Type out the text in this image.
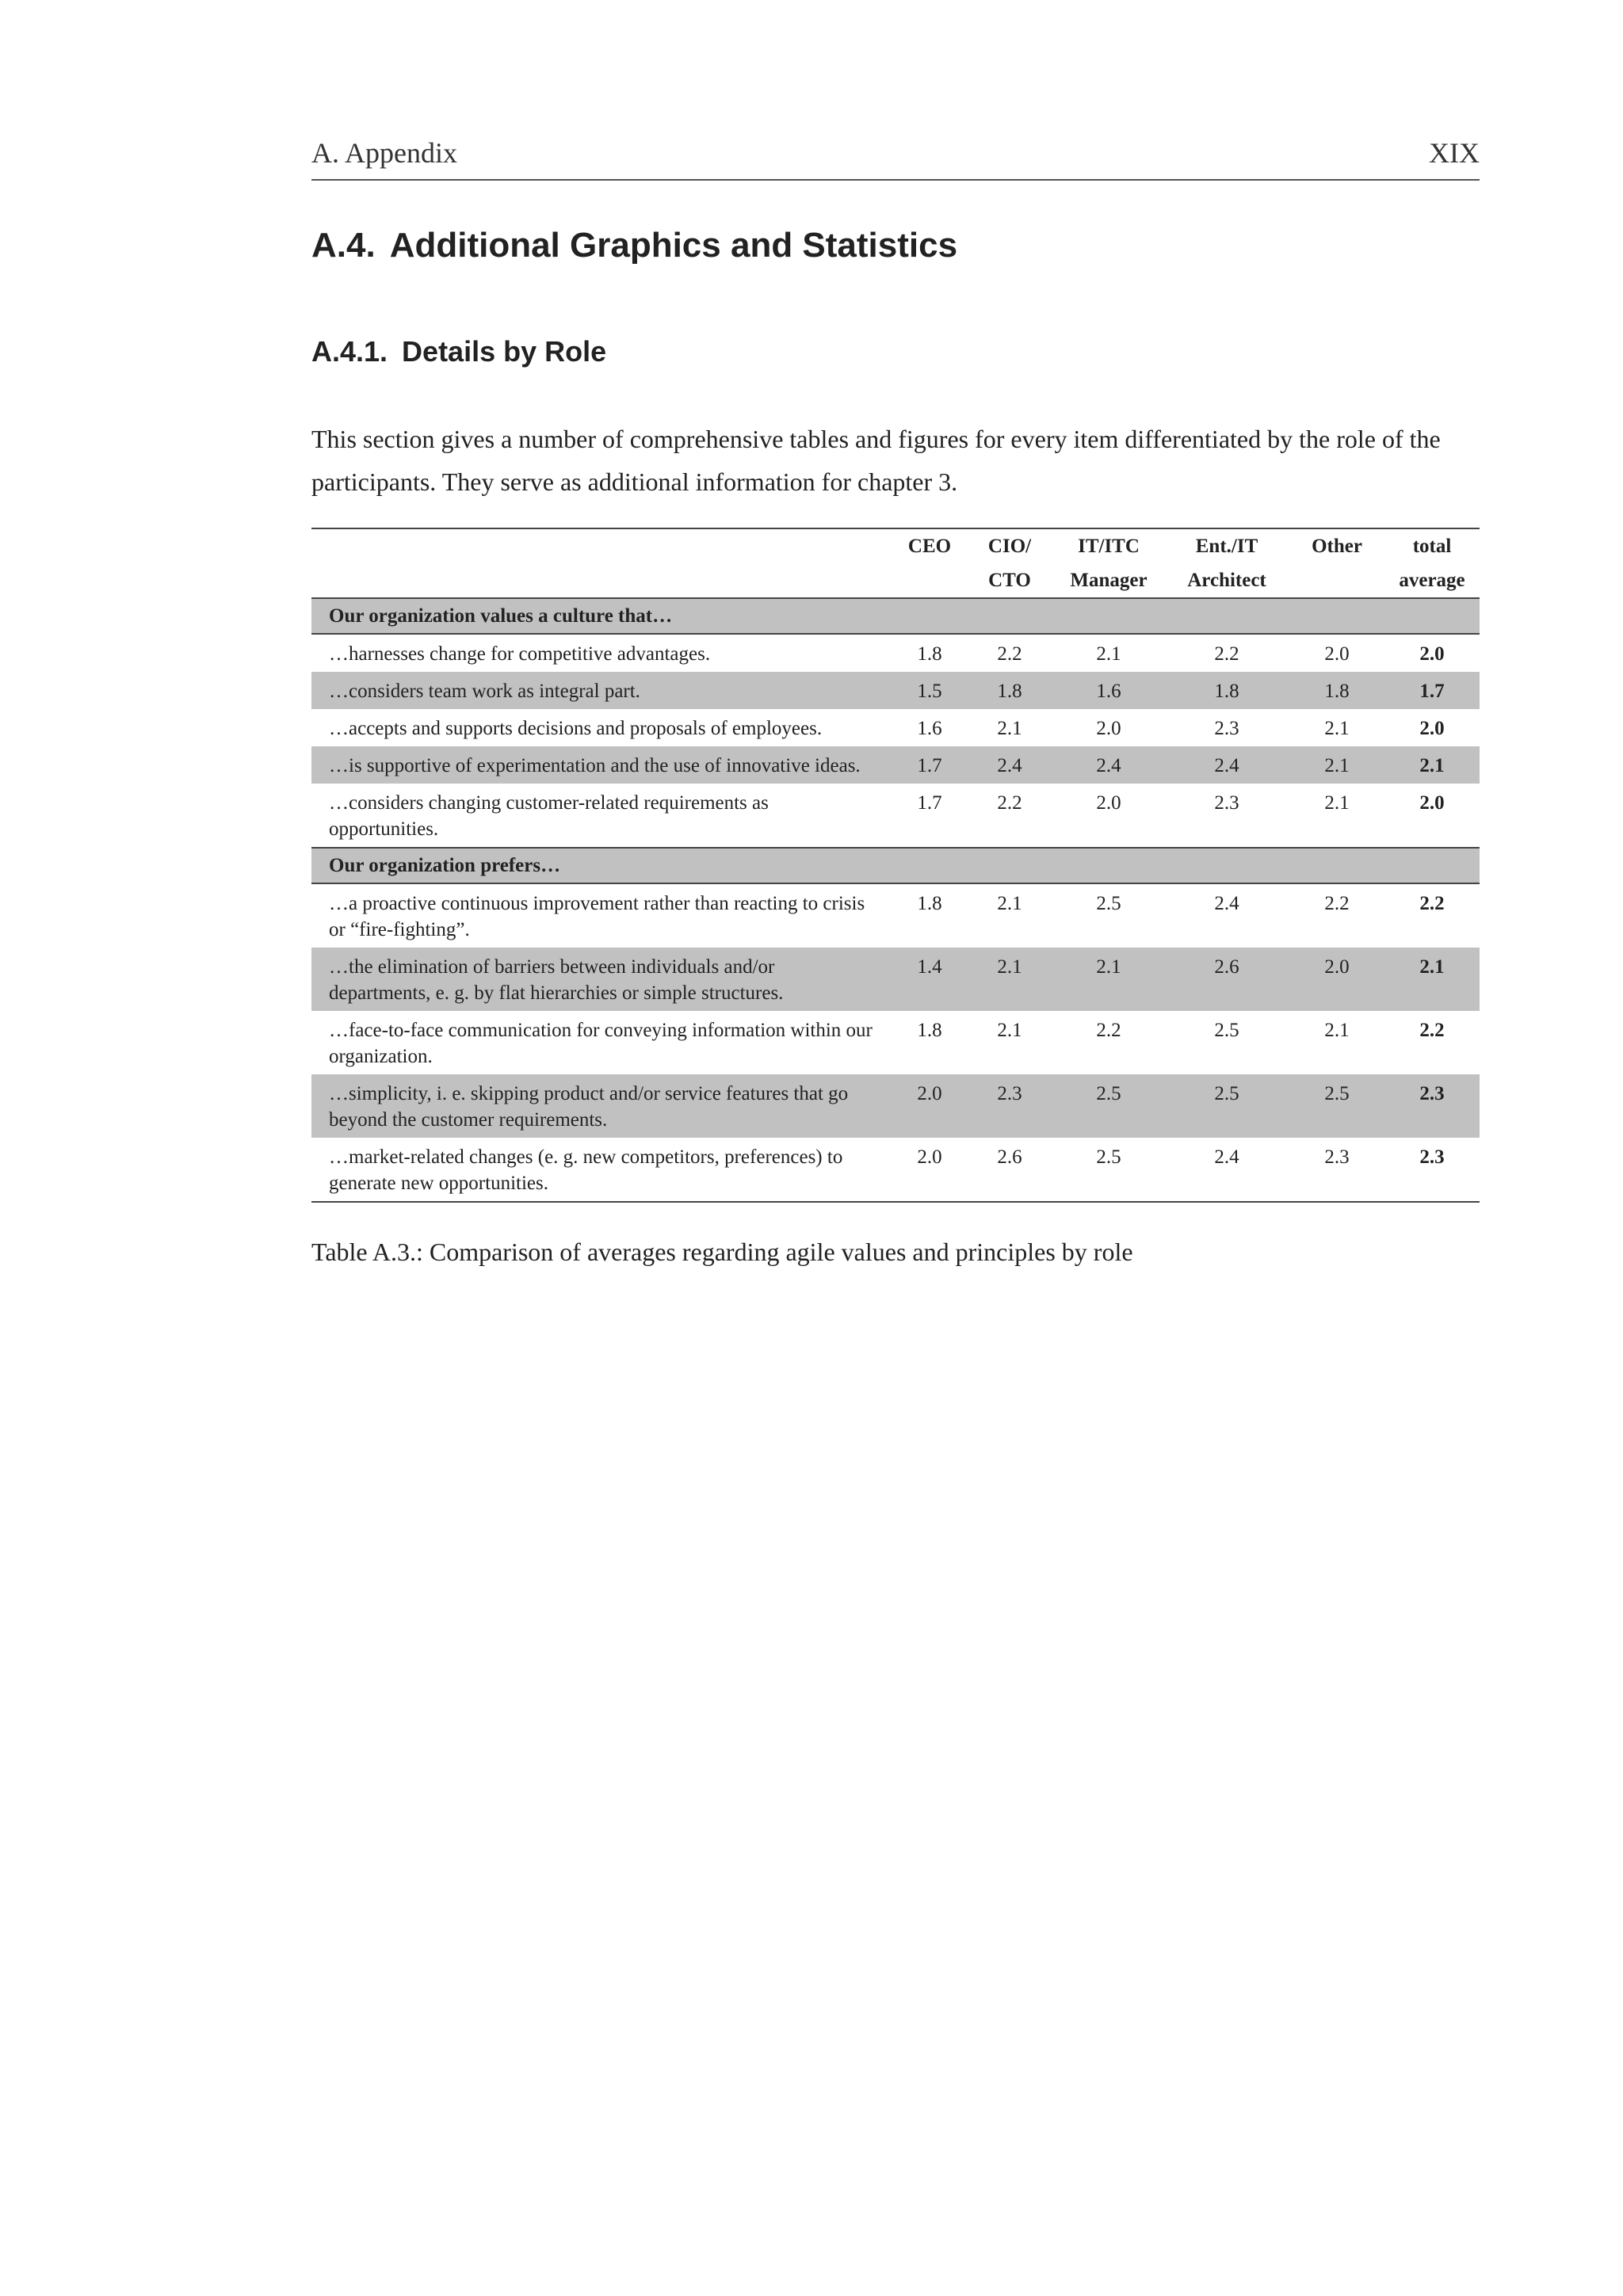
A. Appendix	XIX
A.4. Additional Graphics and Statistics
A.4.1. Details by Role

This section gives a number of comprehensive tables and figures for every item differentiated by the role of the participants. They serve as additional information for chapter 3.

	CEO	CIO/	IT/ITC	Ent./IT	Other	total
		CTO	Manager	Architect		average
Our organization values a culture that…						
…harnesses change for competitive advantages.	1.8	2.2	2.1	2.2	2.0	2.0
…considers team work as integral part.	1.5	1.8	1.6	1.8	1.8	1.7
…accepts and supports decisions and proposals of employees.	1.6	2.1	2.0	2.3	2.1	2.0
…is supportive of experimentation and the use of innovative ideas.	1.7	2.4	2.4	2.4	2.1	2.1
…considers changing customer-related requirements as opportunities.	1.7	2.2	2.0	2.3	2.1	2.0
Our organization prefers…						
…a proactive continuous improvement rather than reacting to crisis or “fire-fighting”.	1.8	2.1	2.5	2.4	2.2	2.2
…the elimination of barriers between individuals and/or departments, e. g. by flat hierarchies or simple structures.	1.4	2.1	2.1	2.6	2.0	2.1
…face-to-face communication for conveying information within our organization.	1.8	2.1	2.2	2.5	2.1	2.2
…simplicity, i. e. skipping product and/or service features that go beyond the customer requirements.	2.0	2.3	2.5	2.5	2.5	2.3
…market-related changes (e. g. new competitors, preferences) to generate new opportunities.	2.0	2.6	2.5	2.4	2.3	2.3

Table A.3.: Comparison of averages regarding agile values and principles by role
